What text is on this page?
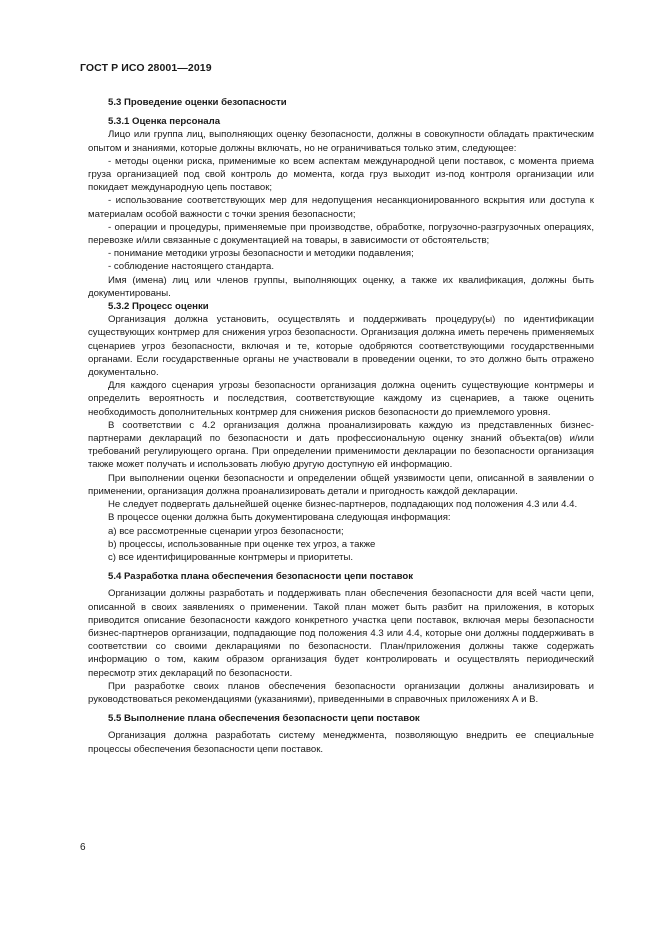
ГОСТ Р ИСО 28001—2019

5.3 Проведение оценки безопасности

5.3.1 Оценка персонала

Лицо или группа лиц, выполняющих оценку безопасности, должны в совокупности обладать практическим опытом и знаниями, которые должны включать, но не ограничиваться только этим, следующее:

- методы оценки риска, применимые ко всем аспектам международной цепи поставок, с момента приема груза организацией под свой контроль до момента, когда груз выходит из-под контроля организации или покидает международную цепь поставок;

- использование соответствующих мер для недопущения несанкционированного вскрытия или доступа к материалам особой важности с точки зрения безопасности;

- операции и процедуры, применяемые при производстве, обработке, погрузочно-разгрузочных операциях, перевозке и/или связанные с документацией на товары, в зависимости от обстоятельств;

- понимание методики угрозы безопасности и методики подавления;

- соблюдение настоящего стандарта.

Имя (имена) лиц или членов группы, выполняющих оценку, а также их квалификация, должны быть документированы.

5.3.2 Процесс оценки

Организация должна установить, осуществлять и поддерживать процедуру(ы) по идентификации существующих контрмер для снижения угроз безопасности. Организация должна иметь перечень применяемых сценариев угроз безопасности, включая и те, которые одобряются соответствующими государственными органами. Если государственные органы не участвовали в проведении оценки, то это должно быть отражено документально.

Для каждого сценария угрозы безопасности организация должна оценить существующие контрмеры и определить вероятность и последствия, соответствующие каждому из сценариев, а также оценить необходимость дополнительных контрмер для снижения рисков безопасности до приемлемого уровня.

В соответствии с 4.2 организация должна проанализировать каждую из представленных бизнес-партнерами деклараций по безопасности и дать профессиональную оценку знаний объекта(ов) и/или требований регулирующего органа. При определении применимости декларации по безопасности организация также может получать и использовать любую другую доступную ей информацию.

При выполнении оценки безопасности и определении общей уязвимости цепи, описанной в заявлении о применении, организация должна проанализировать детали и пригодность каждой декларации.

Не следует подвергать дальнейшей оценке бизнес-партнеров, подпадающих под положения 4.3 или 4.4.

В процессе оценки должна быть документирована следующая информация:

a) все рассмотренные сценарии угроз безопасности;

b) процессы, использованные при оценке тех угроз, а также

c) все идентифицированные контрмеры и приоритеты.

5.4 Разработка плана обеспечения безопасности цепи поставок

Организации должны разработать и поддерживать план обеспечения безопасности для всей части цепи, описанной в своих заявлениях о применении. Такой план может быть разбит на приложения, в которых приводится описание безопасности каждого конкретного участка цепи поставок, включая меры безопасности бизнес-партнеров организации, подпадающие под положения 4.3 или 4.4, которые они должны поддерживать в соответствии со своими декларациями по безопасности. План/приложения должны также содержать информацию о том, каким образом организация будет контролировать и осуществлять периодический пересмотр этих деклараций по безопасности.

При разработке своих планов обеспечения безопасности организации должны анализировать и руководствоваться рекомендациями (указаниями), приведенными в справочных приложениях А и В.

5.5 Выполнение плана обеспечения безопасности цепи поставок

Организация должна разработать систему менеджмента, позволяющую внедрить ее специальные процессы обеспечения безопасности цепи поставок.

6
